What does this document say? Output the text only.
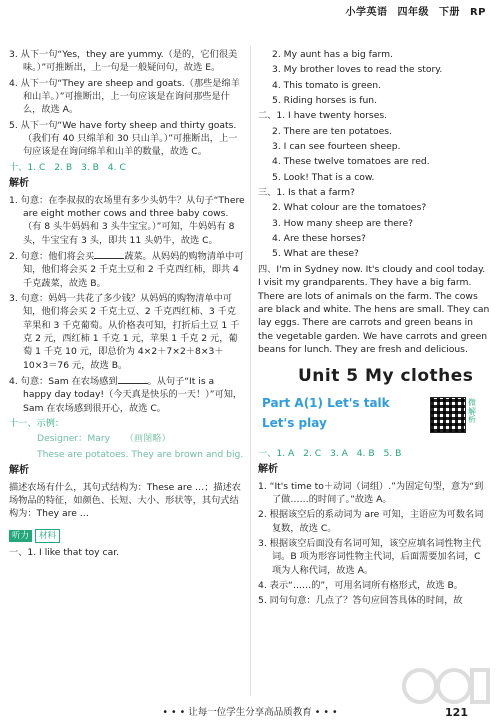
小学英语 四年级 下册 RP

3. 从下一句“Yes，they are yummy.（是的，它们很美味。）”可推断出，上一句是一般疑问句，故选 E。

4. 从下一句“They are sheep and goats.（那些是绵羊和山羊。）”可推断出，上一句应该是在询问那些是什么，故选 A。

5. 从下一句“We have forty sheep and thirty goats.（我们有 40 只绵羊和 30 只山羊。）”可推断出，上一句应该是在询问绵羊和山羊的数量，故选 C。

十、1. C   2. B   3. B   4. C

解析

1. 句意：在李叔叔的农场里有多少头奶牛？从句子“There are eight mother cows and three baby cows.（有 8 头牛妈妈和 3 头牛宝宝。）”可知，牛妈妈有 8 头，牛宝宝有 3 头，即共 11 头奶牛，故选 C。

2. 句意：他们将会买	蔬菜。从妈妈的购物清单中可知，他们将会买 2 千克土豆和 2 千克西红柿，即共 4 千克蔬菜，故选 B。

3. 句意：妈妈一共花了多少钱？从妈妈的购物清单中可知，他们将会买 2 千克土豆、2 千克西红柿、3 千克苹果和 3 千克葡萄。从价格表可知，打折后土豆 1 千克 2 元，西红柿 1 千克 1 元，苹果 1 千克 2 元，葡萄 1 千克 10 元，即总价为 4×2＋7×2＋8×3＋10×3＝76 元，故选 B。

4. 句意：Sam 在农场感到	。从句子“It is a happy day today!（今天真是快乐的一天！）”可知，Sam 在农场感到很开心，故选 C。

十一、示例：

Designer：Mary     （画图略）

These are potatoes. They are brown and big.

解析

描述农场有什么，其句式结构为：These are …；描述农场物品的特征，如颜色、长短、大小、形状等，其句式结构为：They are …

听力 材料

一、1. I like that toy car.

2. My aunt has a big farm.

3. My brother loves to read the story.

4. This tomato is green.

5. Riding horses is fun.

二、1. I have twenty horses.

2. There are ten potatoes.

3. I can see fourteen sheep.

4. These twelve tomatoes are red.

5. Look! That is a cow.

三、1. Is that a farm?

2. What colour are the tomatoes?

3. How many sheep are there?

4. Are these horses?

5. What are these?

四、I'm in Sydney now. It's cloudy and cool today. I visit my grandparents. They have a big farm. There are lots of animals on the farm. The cows are black and white. The hens are small. They can lay eggs. There are carrots and green beans in the vegetable garden. We have carrots and green beans for lunch. They are fresh and delicious.

Unit 5 My clothes
Part A(1) Let's talk
Let's play
微解析

一、1. A   2. C   3. A   4. B   5. B

解析

1. “It's time to＋动词（词组）.”为固定句型，意为“到了做……的时间了。”故选 A。

2. 根据该空后的系动词为 are 可知，主语应为可数名词复数，故选 C。

3. 根据该空后面没有名词可知，该空应填名词性物主代词。B 项为形容词性物主代词，后面需要加名词，C 项为人称代词，故选 A。

4. 表示“……的”，可用名词所有格形式，故选 B。

5. 同句句意：几点了？答句应回答具体的时间，故

• • • 让每一位学生分享高品质教育 • • •	121
